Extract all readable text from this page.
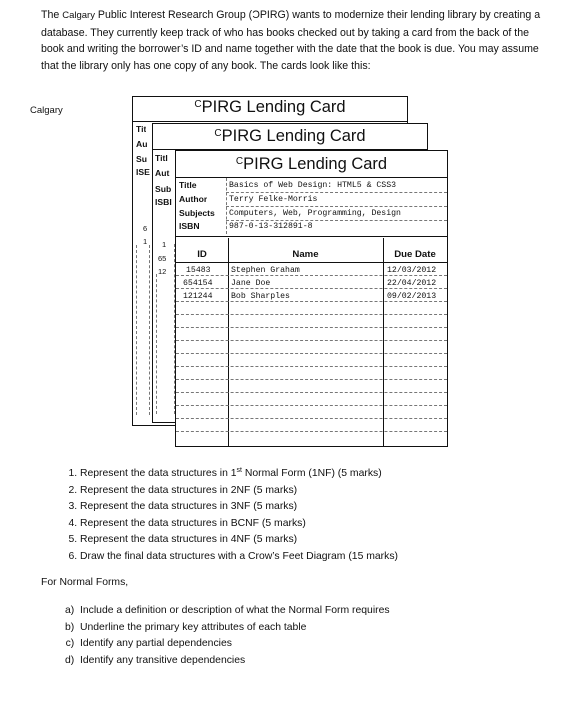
The Calgary Public Interest Research Group (ƆPIRG) wants to modernize their lending library by creating a database. They currently keep track of who has books checked out by taking a card from the back of the book and writing the borrower’s ID and name together with the date that the book is due. You may assume that the library only has one copy of any book. The cards look like this:

Calgary
$^C$PIRG Lending Card
Tit
Au
Su
ISE
6
1
$^C$PIRG Lending Card
Titl
Aut
Sub
ISBI
1
65
12
$^C$PIRG Lending Card
Title	Basics of Web Design: HTML5 & CSS3
Author	Terry Felke-Morris
Subjects Computers, Web, Programming, Design
ISBN	987-0-13-312891-8
ID	Name	Due Date
15483 Stephen Graham	12/03/2012
654154 Jane Doe	22/04/2012
121244 Bob Sharples	09/02/2013
1. Represent the data structures in 1st Normal Form (1NF) (5 marks)
2. Represent the data structures in 2NF (5 marks)
3. Represent the data structures in 3NF (5 marks)
4. Represent the data structures in BCNF (5 marks)
5. Represent the data structures in 4NF (5 marks)
6. Draw the final data structures with a Crow’s Feet Diagram (15 marks)
For Normal Forms,
a. Include a definition or description of what the Normal Form requires
b. Underline the primary key attributes of each table
c. Identify any partial dependencies
d. Identify any transitive dependencies
